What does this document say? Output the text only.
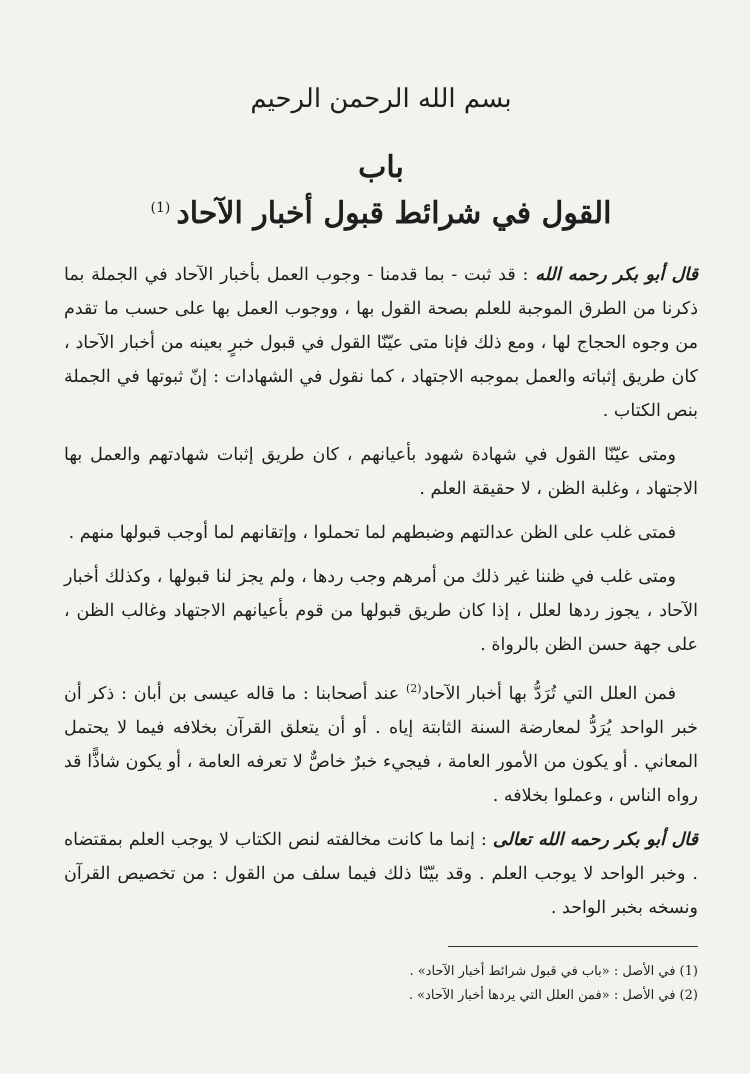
بسم الله الرحمن الرحيم
باب
القول في شرائط قبول أخبار الآحاد$^{(1)}$

قال أبو بكر رحمه الله : قد ثبت - بما قدمنا - وجوب العمل بأخبار الآحاد في الجملة بما ذكرنا من الطرق الموجبة للعلم بصحة القول بها ، ووجوب العمل بها على حسب ما تقدم من وجوه الحجاج لها ، ومع ذلك فإنا متى عيّنّا القول في قبول خبرٍ بعينه من أخبار الآحاد ، كان طريق إثباته والعمل بموجبه الاجتهاد ، كما نقول في الشهادات : إنّ ثبوتها في الجملة بنص الكتاب .

ومتى عيّنّا القول في شهادة شهود بأعيانهم ، كان طريق إثبات شهادتهم والعمل بها الاجتهاد ، وغلبة الظن ، لا حقيقة العلم .

فمتى غلب على الظن عدالتهم وضبطهم لما تحملوا ، وإتقانهم لما أوجب قبولها منهم .

ومتى غلب في ظننا غير ذلك من أمرهم وجب ردها ، ولم يجز لنا قبولها ، وكذلك أخبار الآحاد ، يجوز ردها لعلل ، إذا كان طريق قبولها من قوم بأعيانهم الاجتهاد وغالب الظن ، على جهة حسن الظن بالرواة .

فمن العلل التي تُرَدُّ بها أخبار الآحاد$^{(2)}$ عند أصحابنا : ما قاله عيسى بن أبان : ذكر أن خبر الواحد يُرَدُّ لمعارضة السنة الثابتة إياه . أو أن يتعلق القرآن بخلافه فيما لا يحتمل المعاني . أو يكون من الأمور العامة ، فيجيء خبرٌ خاصٌّ لا تعرفه العامة ، أو يكون شاذًّا قد رواه الناس ، وعملوا بخلافه .

قال أبو بكر رحمه الله تعالى : إنما ما كانت مخالفته لنص الكتاب لا يوجب العلم بمقتضاه . وخبر الواحد لا يوجب العلم . وقد بيّنّا ذلك فيما سلف من القول : من تخصيص القرآن ونسخه بخبر الواحد .

(1) في الأصل : «باب في قبول شرائط أخبار الآحاد» .
(2) في الأصل : «فمن العلل التي يردها أخبار الآحاد» .
